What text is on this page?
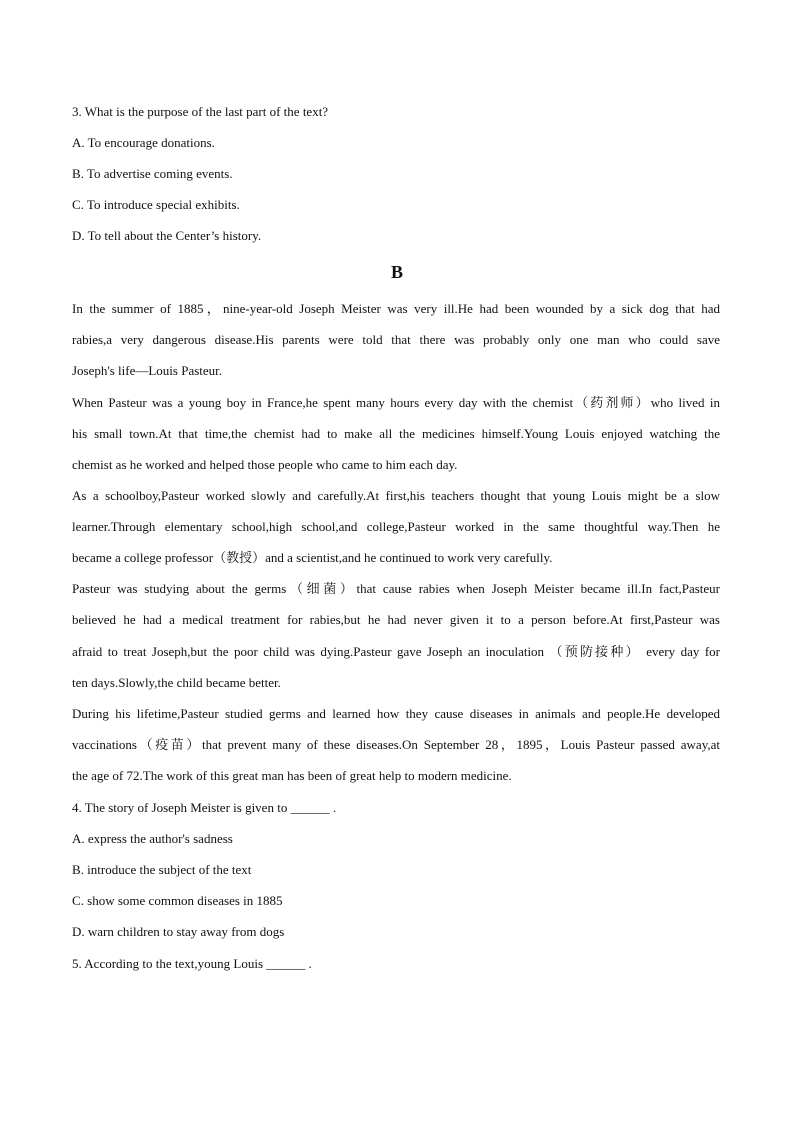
3. What is the purpose of the last part of the text?
A. To encourage donations.
B. To advertise coming events.
C. To introduce special exhibits.
D. To tell about the Center’s history.
B
In the summer of 1885，nine-year-old Joseph Meister was very ill.He had been wounded by a sick dog that had
rabies,a very dangerous disease.His parents were told that there was probably only one man who could save
Joseph's life—Louis Pasteur.
When Pasteur was a young boy in France,he spent many hours every day with the chemist（药剂师）who lived in
his small town.At that time,the chemist had to make all the medicines himself.Young Louis enjoyed watching the
chemist as he worked and helped those people who came to him each day.
As a schoolboy,Pasteur worked slowly and carefully.At first,his teachers thought that young Louis might be a slow
learner.Through elementary school,high school,and college,Pasteur worked in the same thoughtful way.Then he
became a college professor（教授）and a scientist,and he continued to work very carefully.
Pasteur was studying about the germs（细菌）that cause rabies when Joseph Meister became ill.In fact,Pasteur
believed he had a medical treatment for rabies,but he had never given it to a person before.At first,Pasteur was
afraid to treat Joseph,but the poor child was dying.Pasteur gave Joseph an inoculation （预防接种） every day for
ten days.Slowly,the child became better.
During his lifetime,Pasteur studied germs and learned how they cause diseases in animals and people.He developed
vaccinations（疫苗）that prevent many of these diseases.On September 28，1895，Louis Pasteur passed away,at
the age of 72.The work of this great man has been of great help to modern medicine.
4. The story of Joseph Meister is given to ______ .
A. express the author's sadness
B. introduce the subject of the text
C. show some common diseases in 1885
D. warn children to stay away from dogs
5. According to the text,young Louis ______ .
